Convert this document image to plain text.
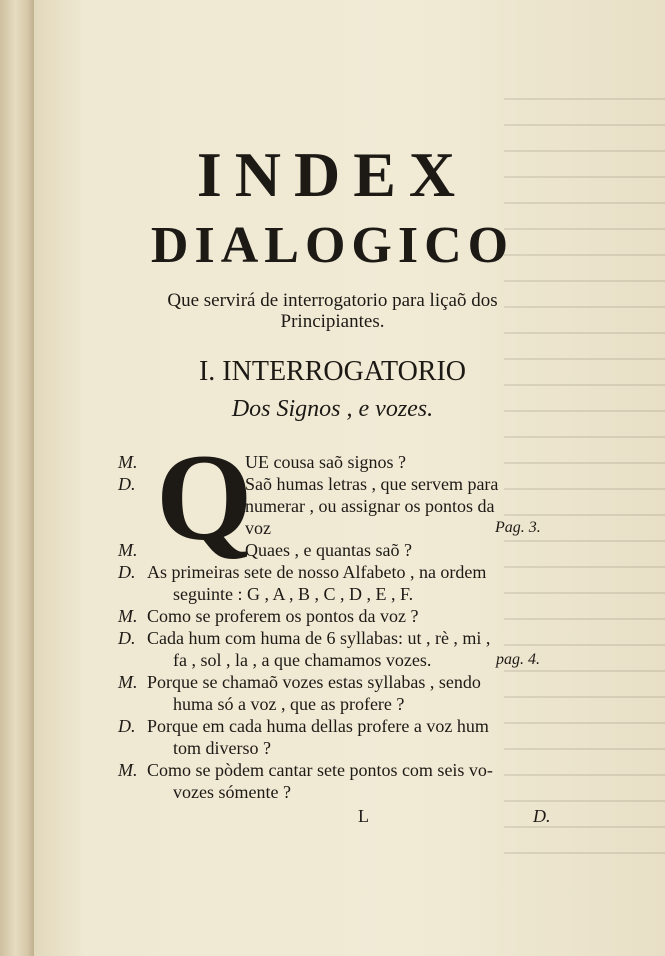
INDEX
DIALOGICO
Que servirá de interrogatorio para liçaõ dos
Principiantes.
I. INTERROGATORIO
Dos Signos , e vozes.
Q
M.	UE cousa saõ signos ?
D.	Saõ humas letras , que servem para
numerar , ou assignar os pontos da
voz	Pag. 3.
M.	Quaes , e quantas saõ ?
D. As primeiras sete de nosso Alfabeto , na ordem
seguinte : G , A , B , C , D , E , F.
M. Como se proferem os pontos da voz ?
D. Cada hum com huma de 6 syllabas: ut , rè , mi ,
fa , sol , la , a que chamamos vozes.	pag. 4.
M. Porque se chamaõ vozes estas syllabas , sendo
huma só a voz , que as profere ?
D. Porque em cada huma dellas profere a voz hum
tom diverso ?
M. Como se pòdem cantar sete pontos com seis vo-
vozes sómente ?
L	D.
